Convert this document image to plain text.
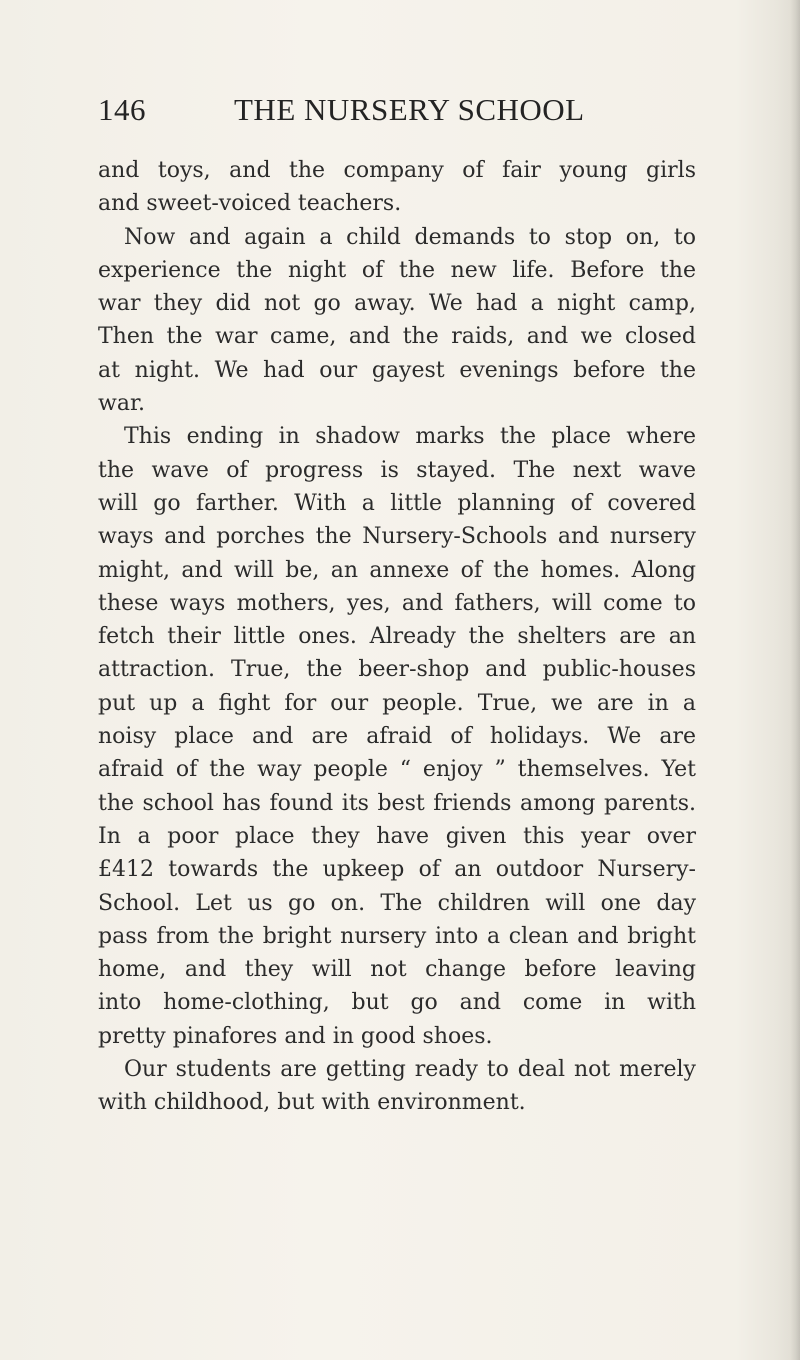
146	THE NURSERY SCHOOL
and toys, and the company of fair young girls
and sweet-voiced teachers.
Now and again a child demands to stop on, to
experience the night of the new life. Before the
war they did not go away. We had a night camp,
Then the war came, and the raids, and we closed
at night. We had our gayest evenings before the
war.
This ending in shadow marks the place where
the wave of progress is stayed. The next wave
will go farther. With a little planning of covered
ways and porches the Nursery-Schools and nursery
might, and will be, an annexe of the homes. Along
these ways mothers, yes, and fathers, will come to
fetch their little ones. Already the shelters are an
attraction. True, the beer-shop and public-houses
put up a fight for our people. True, we are in a
noisy place and are afraid of holidays. We are
afraid of the way people “ enjoy ” themselves. Yet
the school has found its best friends among parents.
In a poor place they have given this year over
£412 towards the upkeep of an outdoor Nursery-
School. Let us go on. The children will one day
pass from the bright nursery into a clean and bright
home, and they will not change before leaving
into home-clothing, but go and come in with
pretty pinafores and in good shoes.
Our students are getting ready to deal not merely
with childhood, but with environment.
